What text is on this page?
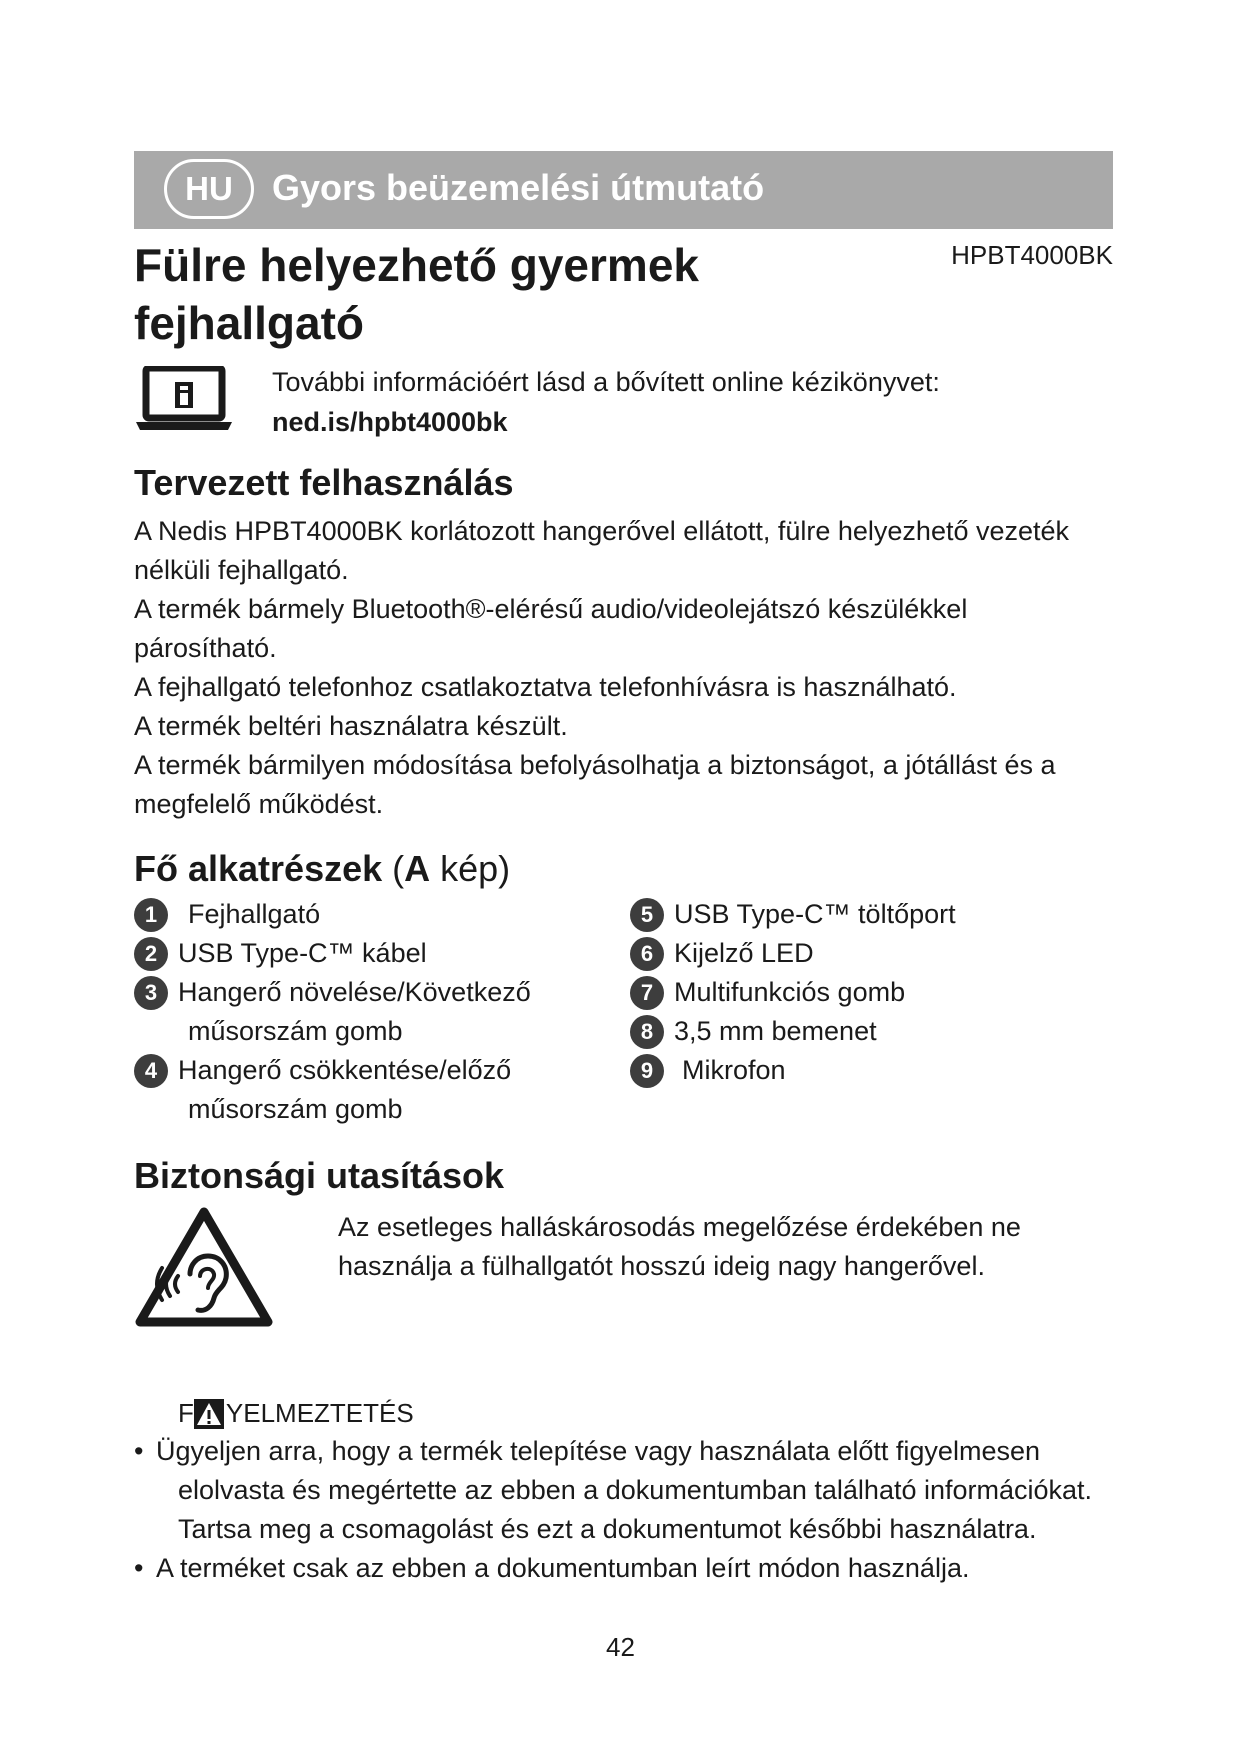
HU	Gyors beüzemelési útmutató
Fülre helyezhető gyermek
fejhallgató
HPBT4000BK
További információért lásd a bővített online kézikönyvet:
ned.is/hpbt4000bk
Tervezett felhasználás

A Nedis HPBT4000BK korlátozott hangerővel ellátott, fülre helyezhető vezeték nélküli fejhallgató.

A termék bármely Bluetooth®-elérésű audio/videolejátszó készülékkel párosítható.

A fejhallgató telefonhoz csatlakoztatva telefonhívásra is használható.

A termék beltéri használatra készült.

A termék bármilyen módosítása befolyásolhatja a biztonságot, a jótállást és a megfelelő működést.

Fő alkatrészek (A kép)
1	Fejhallgató
2 USB Type-C™ kábel
3 Hangerő növelése/Következő
műsorszám gomb
4 Hangerő csökkentése/előző
műsorszám gomb
5 USB Type-C™ töltőport
6 Kijelző LED
7 Multifunkciós gomb
8 3,5 mm bemenet
9	Mikrofon
Biztonsági utasítások
Az esetleges halláskárosodás megelőzése érdekében ne használja a fülhallgatót hosszú ideig nagy hangerővel.
F YELMEZTETÉS
• Ügyeljen arra, hogy a termék telepítése vagy használata előtt figyelmesen
elolvasta és megértette az ebben a dokumentumban található információkat.
Tartsa meg a csomagolást és ezt a dokumentumot későbbi használatra.
• A terméket csak az ebben a dokumentumban leírt módon használja.
42
